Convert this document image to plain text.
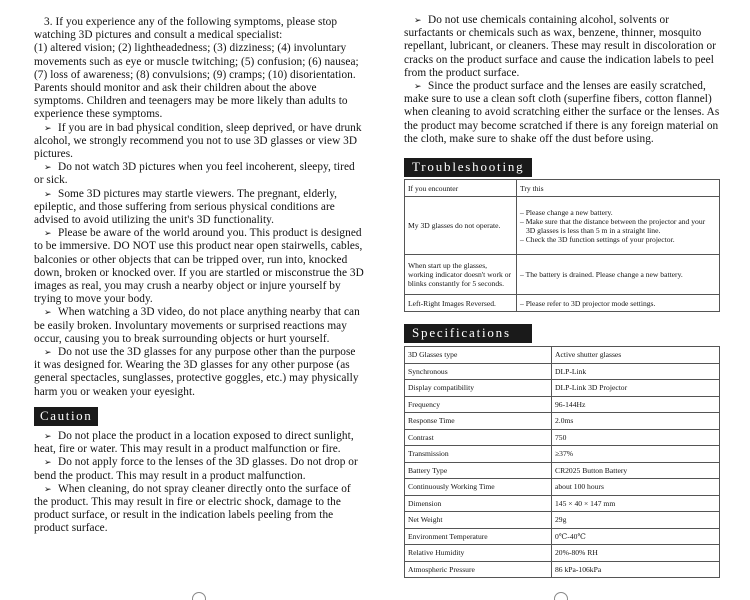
3. If you experience any of the following symptoms, please stop watching 3D pictures and consult a medical specialist:
(1) altered vision; (2) lightheadedness; (3) dizziness; (4) involuntary movements such as eye or muscle twitching; (5) confusion; (6) nausea; (7) loss of awareness; (8) convulsions; (9) cramps; (10) disorientation. Parents should monitor and ask their children about the above symptoms. Children and teenagers may be more likely than adults to experience these symptoms.
➢ If you are in bad physical condition, sleep deprived, or have drunk alcohol, we strongly recommend you not to use 3D glasses or view 3D pictures.
➢ Do not watch 3D pictures when you feel incoherent, sleepy, tired or sick.
➢ Some 3D pictures may startle viewers. The pregnant, elderly, epileptic, and those suffering from serious physical conditions are advised to avoid utilizing the unit's 3D functionality.
➢ Please be aware of the world around you. This product is designed to be immersive. DO NOT use this product near open stairwells, cables, balconies or other objects that can be tripped over, run into, knocked down, broken or knocked over. If you are startled or misconstrue the 3D images as real, you may crush a nearby object or injure yourself by trying to move your body.
➢ When watching a 3D video, do not place anything nearby that can be easily broken. Involuntary movements or surprised reactions may occur, causing you to break surrounding objects or hurt yourself.
➢ Do not use the 3D glasses for any purpose other than the purpose it was designed for. Wearing the 3D glasses for any other purpose (as general spectacles, sunglasses, protective goggles, etc.) may physically harm you or weaken your eyesight.
Caution
➢ Do not place the product in a location exposed to direct sunlight, heat, fire or water. This may result in a product malfunction or fire.
➢ Do not apply force to the lenses of the 3D glasses. Do not drop or bend the product. This may result in a product malfunction.
➢ When cleaning, do not spray cleaner directly onto the surface of the product. This may result in fire or electric shock, damage to the product surface, or result in the indication labels peeling from the product surface.
➢ Do not use chemicals containing alcohol, solvents or surfactants or chemicals such as wax, benzene, thinner, mosquito repellant, lubricant, or cleaners. These may result in discoloration or cracks on the product surface and cause the indication labels to peel from the product surface.
➢ Since the product surface and the lenses are easily scratched, make sure to use a clean soft cloth (superfine fibers, cotton flannel) when cleaning to avoid scratching either the surface or the lenses. As the product may become scratched if there is any foreign material on the cloth, make sure to shake off the dust before using.
Troubleshooting
If you encounter	Try this
My 3D glasses do not operate.	– Please change a new battery.
– Make sure that the distance between the projector and your 3D glasses is less than 5 m in a straight line.
– Check the 3D function settings of your projector.

When start up the glasses, working indicator doesn't work or blinks constantly for 5 seconds.	– The battery is drained. Please change a new battery.

Left-Right Images Reversed.	– Please refer to 3D projector mode settings.
Specifications
3D Glasses type	Active shutter glasses
Synchronous	DLP-Link
Display compatibility	DLP-Link 3D Projector
Frequency	96-144Hz
Response Time	2.0ms
Contrast	750
Transmission	≥37%
Battery Type	CR2025 Button Battery
Continuously Working Time	about 100 hours
Dimension	145 × 40 × 147 mm
Net Weight	29g
Environment Temperature	0℃-40℃
Relative Humidity	20%-80% RH
Atmospheric Pressure	86 kPa-106kPa
